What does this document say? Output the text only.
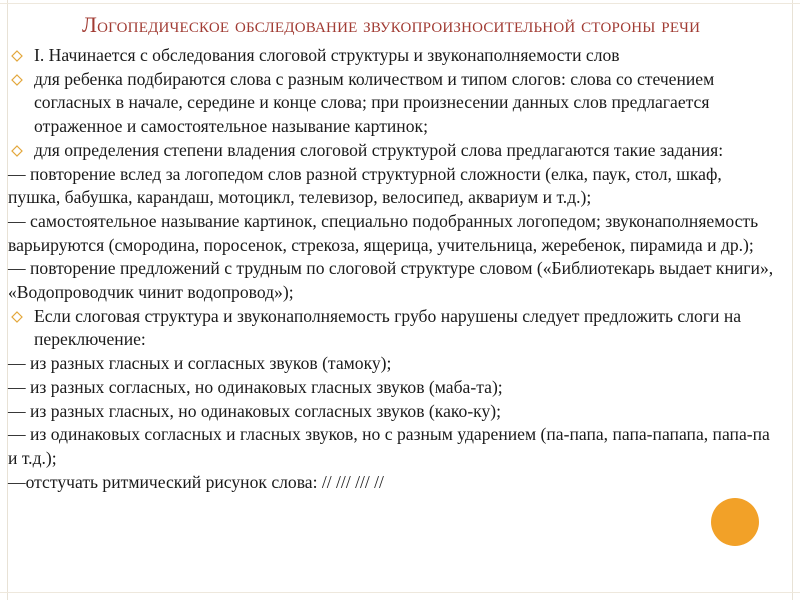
Логопедическое обследование звукопроизносительной стороны речи
I. Начинается с обследования слоговой структуры и звуконаполняемости слов
для ребенка подбираются слова с разным количеством и типом слогов: слова со стечением согласных в начале, середине и конце слова; при произнесении данных слов предлагается отраженное и самостоятельное называние картинок;
для определения степени владения слоговой структурой слова предлагаются такие задания:
— повторение вслед за логопедом слов разной структурной сложности (елка, паук, стол, шкаф, пушка, бабушка, карандаш, мотоцикл, телевизор, велосипед, аквариум и т.д.);
— самостоятельное называние картинок, специально подобранных логопедом; звуконаполняемость варьируются (смородина, поросенок, стрекоза, ящерица, учительница, жеребенок, пирамида и др.);
— повторение предложений с трудным по слоговой структуре словом («Библиотекарь выдает книги», «Водопроводчик чинит водопровод»);
Если слоговая структура и звуконаполняемость грубо нарушены следует предложить слоги на переключение:
— из разных гласных и согласных звуков (тамоку);
— из разных согласных, но одинаковых гласных звуков (маба-та);
— из разных гласных, но одинаковых согласных звуков (како-ку);
— из одинаковых согласных и гласных звуков, но с разным ударением (па-папа, папа-папапа, папа-па и т.д.);
—отстучать ритмический рисунок слова: // /// /// //
